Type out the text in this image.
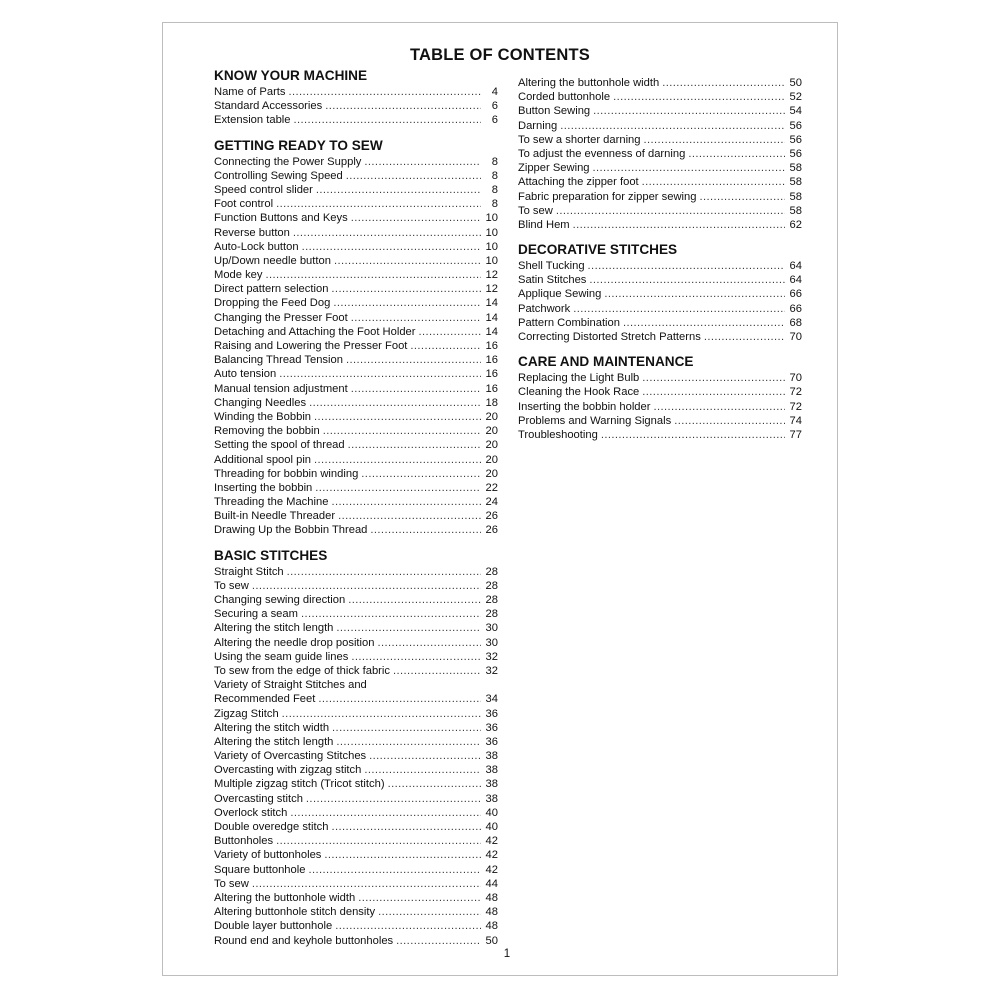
TABLE OF CONTENTS
KNOW YOUR MACHINE
Name of Parts .....	4
Standard Accessories .....	6
Extension table .....	6
GETTING READY TO SEW
Connecting the Power Supply .....	8
Controlling Sewing Speed .....	8
Speed control slider .....	8
Foot control .....	8
Function Buttons and Keys .....	10
Reverse button .....	10
Auto-Lock button .....	10
Up/Down needle button .....	10
Mode key .....	12
Direct pattern selection .....	12
Dropping the Feed Dog .....	14
Changing the Presser Foot .....	14
Detaching and Attaching the Foot Holder .....	14
Raising and Lowering the Presser Foot .....	16
Balancing Thread Tension .....	16
Auto tension .....	16
Manual tension adjustment .....	16
Changing Needles .....	18
Winding the Bobbin .....	20
Removing the bobbin .....	20
Setting the spool of thread .....	20
Additional spool pin .....	20
Threading for bobbin winding .....	20
Inserting the bobbin .....	22
Threading the Machine .....	24
Built-in Needle Threader .....	26
Drawing Up the Bobbin Thread .....	26
BASIC STITCHES
Straight Stitch .....	28
To sew .....	28
Changing sewing direction .....	28
Securing a seam .....	28
Altering the stitch length .....	30
Altering the needle drop position .....	30
Using the seam guide lines .....	32
To sew from the edge of thick fabric .....	32
Variety of Straight Stitches and
Recommended Feet .....	34
Zigzag Stitch .....	36
Altering the stitch width .....	36
Altering the stitch length .....	36
Variety of Overcasting Stitches .....	38
Overcasting with zigzag stitch .....	38
Multiple zigzag stitch (Tricot stitch) .....	38
Overcasting stitch .....	38
Overlock stitch .....	40
Double overedge stitch .....	40
Buttonholes .....	42
Variety of buttonholes .....	42
Square buttonhole .....	42
To sew .....	44
Altering the buttonhole width .....	48
Altering buttonhole stitch density .....	48
Double layer buttonhole .....	48
Round end and keyhole buttonholes .....	50
Altering the buttonhole width .....	50
Corded buttonhole .....	52
Button Sewing .....	54
Darning .....	56
To sew a shorter darning .....	56
To adjust the evenness of darning .....	56
Zipper Sewing .....	58
Attaching the zipper foot .....	58
Fabric preparation for zipper sewing .....	58
To sew .....	58
Blind Hem .....	62
DECORATIVE STITCHES
Shell Tucking .....	64
Satin Stitches .....	64
Applique Sewing .....	66
Patchwork .....	66
Pattern Combination .....	68
Correcting Distorted Stretch Patterns .....	70
CARE AND MAINTENANCE
Replacing the Light Bulb .....	70
Cleaning the Hook Race .....	72
Inserting the bobbin holder .....	72
Problems and Warning Signals .....	74
Troubleshooting .....	77
1
